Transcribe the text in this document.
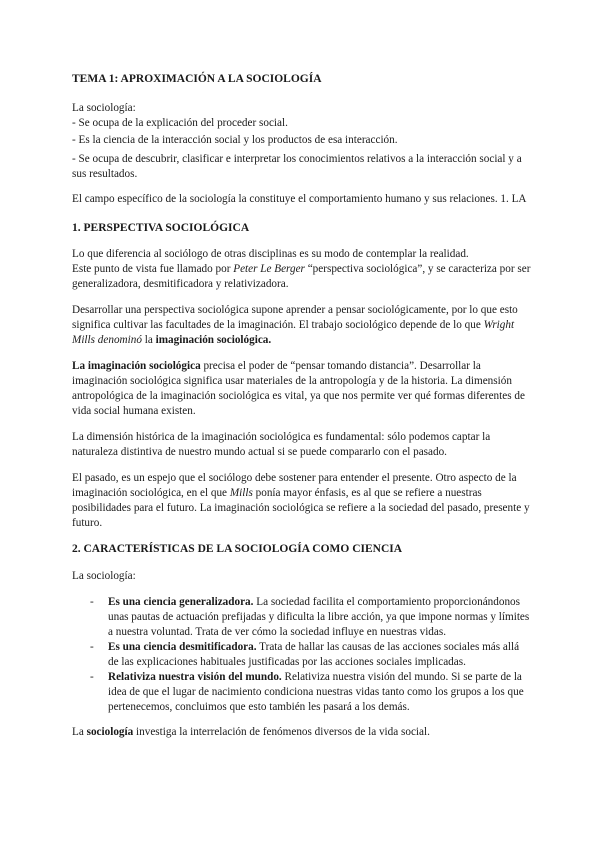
TEMA 1: APROXIMACIÓN A LA SOCIOLOGÍA
La sociología:
- Se ocupa de la explicación del proceder social.
- Es la ciencia de la interacción social y los productos de esa interacción.
- Se ocupa de descubrir, clasificar e interpretar los conocimientos relativos a la interacción social y a
sus resultados.
El campo específico de la sociología la constituye el comportamiento humano y sus relaciones. 1. LA
1. PERSPECTIVA SOCIOLÓGICA
Lo que diferencia al sociólogo de otras disciplinas es su modo de contemplar la realidad.
Este punto de vista fue llamado por Peter Le Berger “perspectiva sociológica”, y se caracteriza por ser
generalizadora, desmitificadora y relativizadora.
Desarrollar una perspectiva sociológica supone aprender a pensar sociológicamente, por lo que esto
significa cultivar las facultades de la imaginación. El trabajo sociológico depende de lo que Wright
Mills denominó la imaginación sociológica.
La imaginación sociológica precisa el poder de “pensar tomando distancia”. Desarrollar la
imaginación sociológica significa usar materiales de la antropología y de la historia. La dimensión
antropológica de la imaginación sociológica es vital, ya que nos permite ver qué formas diferentes de
vida social humana existen.
La dimensión histórica de la imaginación sociológica es fundamental: sólo podemos captar la
naturaleza distintiva de nuestro mundo actual si se puede compararlo con el pasado.
El pasado, es un espejo que el sociólogo debe sostener para entender el presente. Otro aspecto de la
imaginación sociológica, en el que Mills ponía mayor énfasis, es al que se refiere a nuestras
posibilidades para el futuro. La imaginación sociológica se refiere a la sociedad del pasado, presente y
futuro.
2. CARACTERÍSTICAS DE LA SOCIOLOGÍA COMO CIENCIA
La sociología:
- Es una ciencia generalizadora. La sociedad facilita el comportamiento proporcionándonos
unas pautas de actuación prefijadas y dificulta la libre acción, ya que impone normas y límites
a nuestra voluntad. Trata de ver cómo la sociedad influye en nuestras vidas.
- Es una ciencia desmitificadora. Trata de hallar las causas de las acciones sociales más allá
de las explicaciones habituales justificadas por las acciones sociales implicadas.
- Relativiza nuestra visión del mundo. Relativiza nuestra visión del mundo. Si se parte de la
idea de que el lugar de nacimiento condiciona nuestras vidas tanto como los grupos a los que
pertenecemos, concluimos que esto también les pasará a los demás.
La sociología investiga la interrelación de fenómenos diversos de la vida social.
